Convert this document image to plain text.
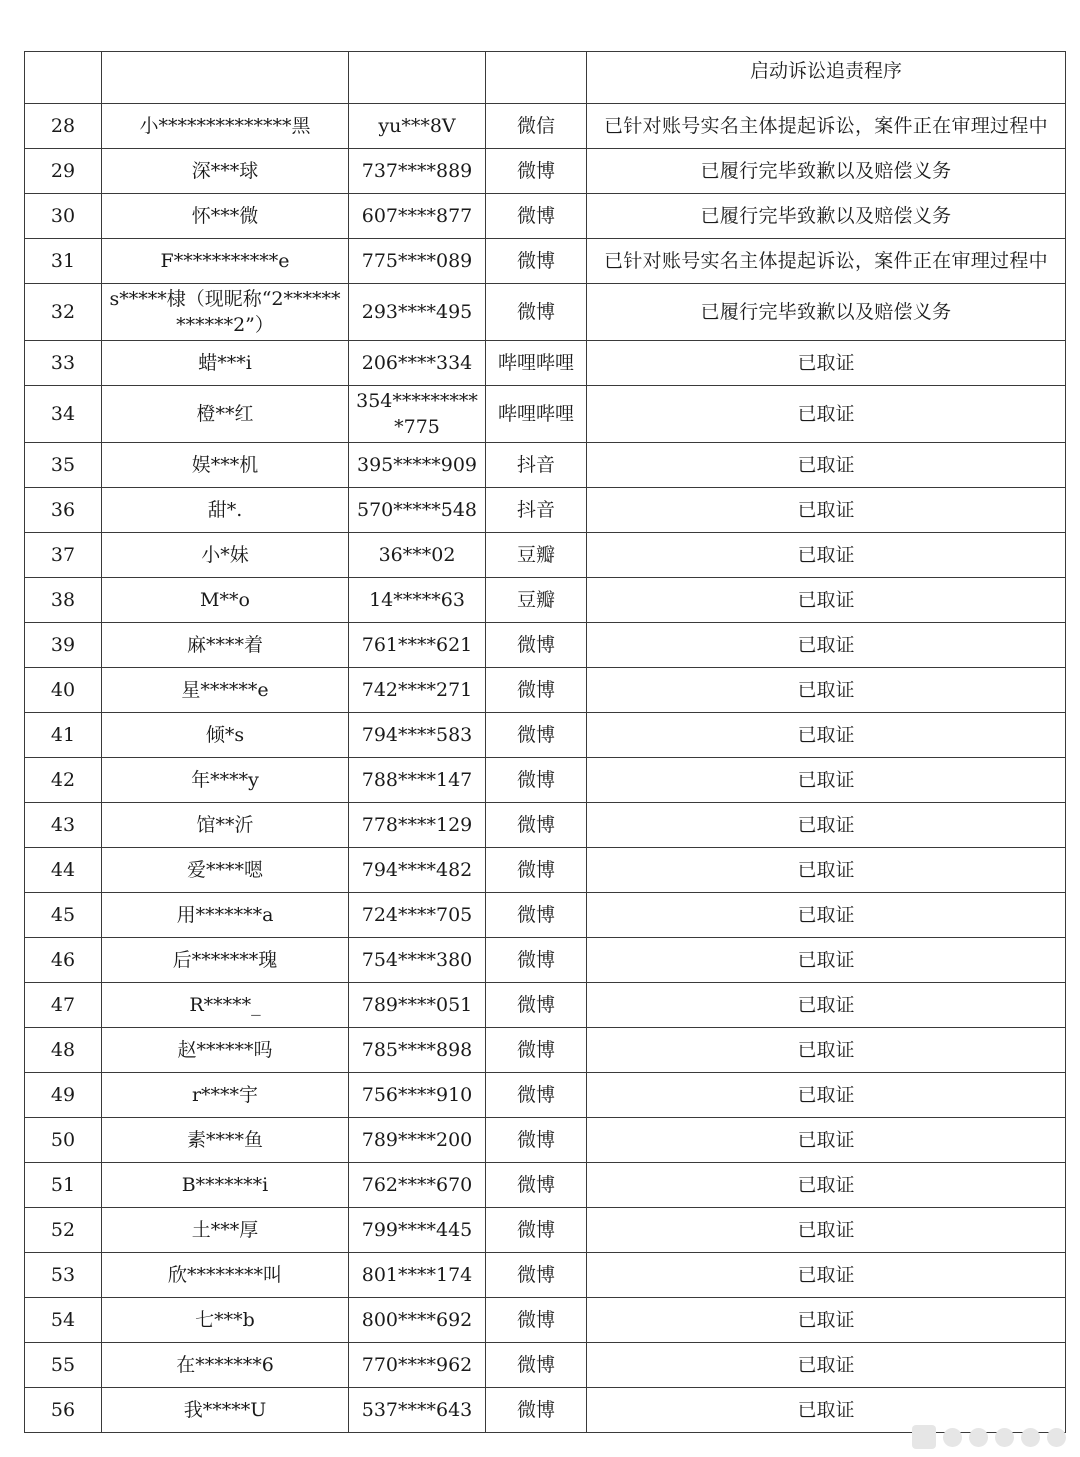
				启动诉讼追责程序
28	小**************黑	yu***8V	微信	已针对账号实名主体提起诉讼，案件正在审理过程中
29	深***球	737****889	微博	已履行完毕致歉以及赔偿义务
30	怀***微	607****877	微博	已履行完毕致歉以及赔偿义务
31	F***********e	775****089	微博	已针对账号实名主体提起诉讼，案件正在审理过程中
32	s*****棣（现昵称“2************2”）	293****495	微博	已履行完毕致歉以及赔偿义务
33	蜡***i	206****334	哔哩哔哩	已取证
34	橙**红	354**********775	哔哩哔哩	已取证
35	娱***机	395*****909	抖音	已取证
36	甜*.	570*****548	抖音	已取证
37	小*妹	36***02	豆瓣	已取证
38	M**o	14*****63	豆瓣	已取证
39	麻****着	761****621	微博	已取证
40	星******e	742****271	微博	已取证
41	倾*s	794****583	微博	已取证
42	年****y	788****147	微博	已取证
43	馆**沂	778****129	微博	已取证
44	爱****嗯	794****482	微博	已取证
45	用*******a	724****705	微博	已取证
46	后*******瑰	754****380	微博	已取证
47	R*****_	789****051	微博	已取证
48	赵******吗	785****898	微博	已取证
49	r****宇	756****910	微博	已取证
50	素****鱼	789****200	微博	已取证
51	B*******i	762****670	微博	已取证
52	土***厚	799****445	微博	已取证
53	欣********叫	801****174	微博	已取证
54	七***b	800****692	微博	已取证
55	在*******6	770****962	微博	已取证
56	我*****U	537****643	微博	已取证
